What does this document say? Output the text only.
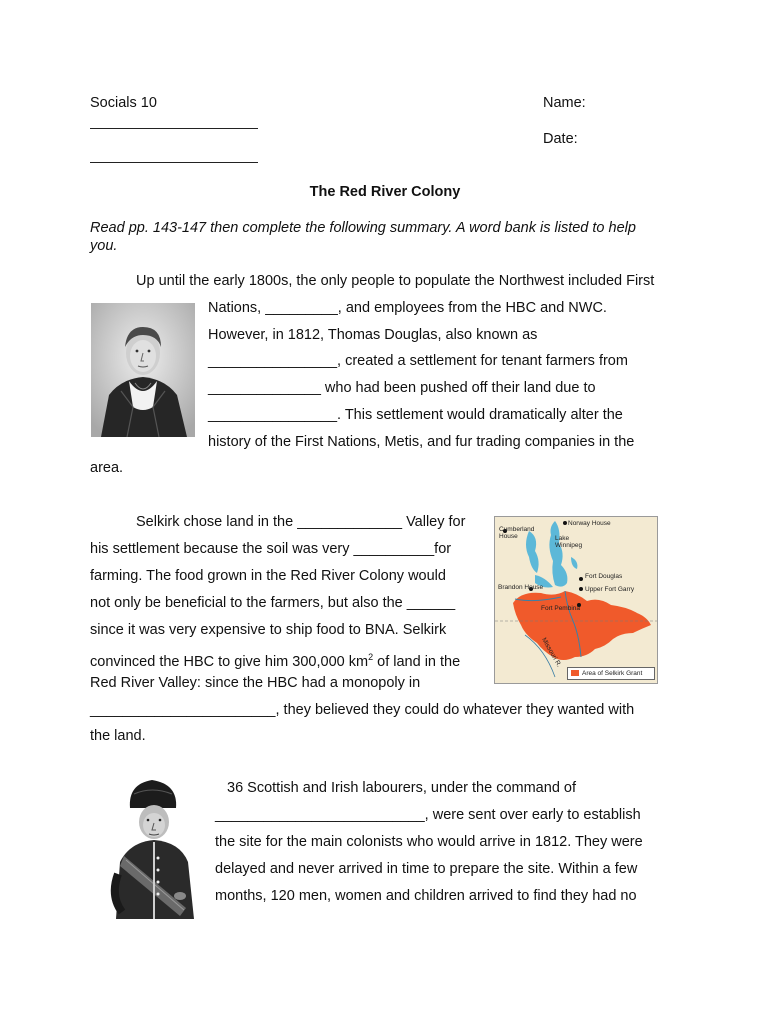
Socials 10	Name:
Date:
The Red River Colony
Read pp. 143-147 then complete the following summary. A word bank is listed to help
you.
Up until the early 1800s, the only people to populate the Northwest included First
Nations, _________, and employees from the HBC and NWC.
However, in 1812, Thomas Douglas, also known as
________________, created a settlement for tenant farmers from
______________ who had been pushed off their land due to
________________. This settlement would dramatically alter the
history of the First Nations, Metis, and fur trading companies in the
area.
Selkirk chose land in the _____________ Valley for
his settlement because the soil was very __________for
farming. The food grown in the Red River Colony would
not only be beneficial to the farmers, but also the ______
since it was very expensive to ship food to BNA. Selkirk
convinced the HBC to give him 300,000 $km^2$ of land in the
Red River Valley: since the HBC had a monopoly in
_______________________, they believed they could do whatever they wanted with
the land.
Cumberland
House
Norway House
Lake
Winnipeg
Fort Douglas
Brandon House	Upper Fort Garry
Fort Pembina
Missouri R.
Area of Selkirk Grant
36 Scottish and Irish labourers, under the command of
__________________________, were sent over early to establish
the site for the main colonists who would arrive in 1812. They were
delayed and never arrived in time to prepare the site. Within a few
months, 120 men, women and children arrived to find they had no
